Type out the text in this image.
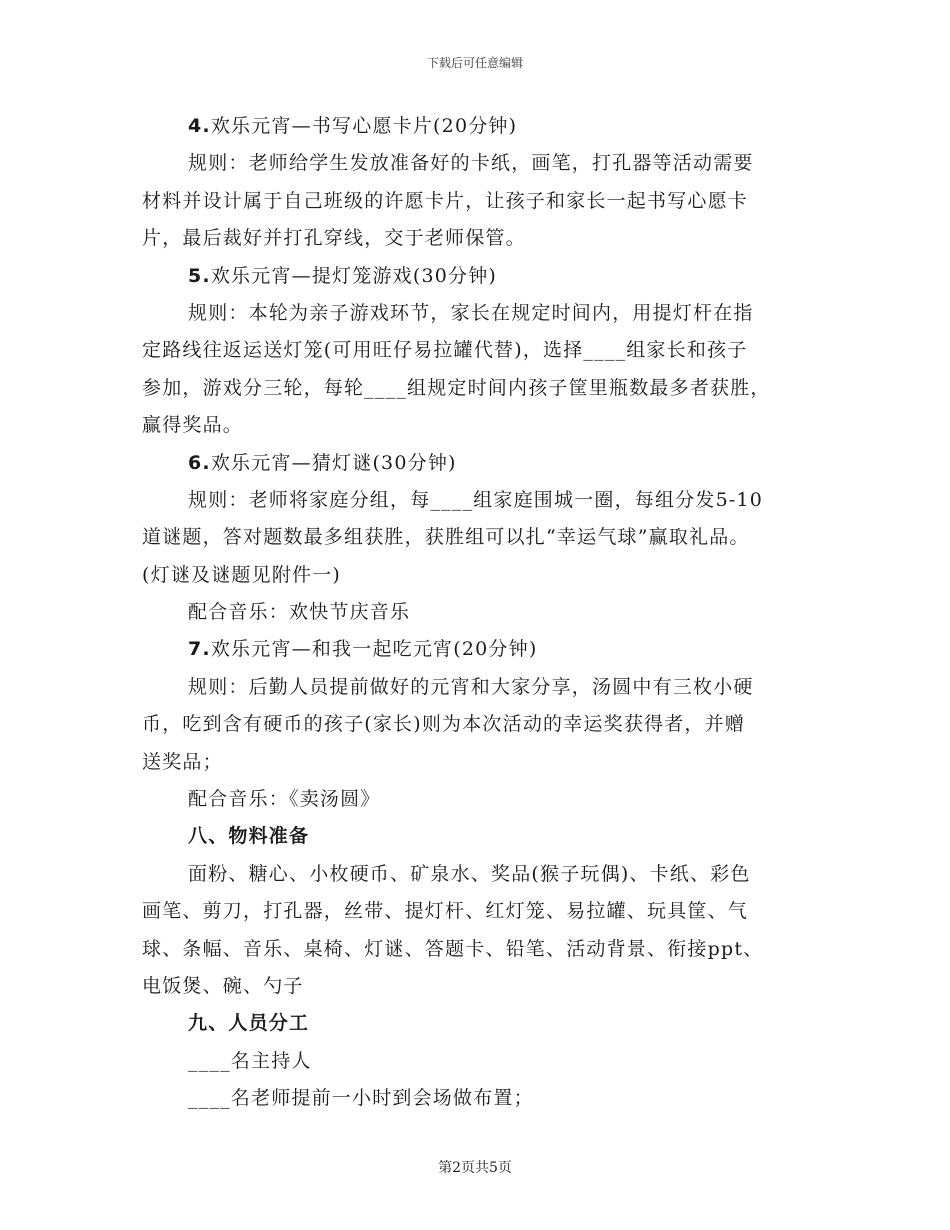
下载后可任意编辑
4.欢乐元宵—书写心愿卡片(20分钟)
规则：老师给学生发放准备好的卡纸，画笔，打孔器等活动需要
材料并设计属于自己班级的许愿卡片，让孩子和家长一起书写心愿卡
片，最后裁好并打孔穿线，交于老师保管。
5.欢乐元宵—提灯笼游戏(30分钟)
规则：本轮为亲子游戏环节，家长在规定时间内，用提灯杆在指
定路线往返运送灯笼(可用旺仔易拉罐代替)，选择____组家长和孩子
参加，游戏分三轮，每轮____组规定时间内孩子筐里瓶数最多者获胜，
赢得奖品。
6.欢乐元宵—猜灯谜(30分钟)
规则：老师将家庭分组，每____组家庭围城一圈，每组分发5-10
道谜题，答对题数最多组获胜，获胜组可以扎“幸运气球”赢取礼品。
(灯谜及谜题见附件一)
配合音乐：欢快节庆音乐
7.欢乐元宵—和我一起吃元宵(20分钟)
规则：后勤人员提前做好的元宵和大家分享，汤圆中有三枚小硬
币，吃到含有硬币的孩子(家长)则为本次活动的幸运奖获得者，并赠
送奖品；
配合音乐：《卖汤圆》
八、物料准备
面粉、糖心、小枚硬币、矿泉水、奖品(猴子玩偶)、卡纸、彩色
画笔、剪刀，打孔器，丝带、提灯杆、红灯笼、易拉罐、玩具筐、气
球、条幅、音乐、桌椅、灯谜、答题卡、铅笔、活动背景、衔接ppt、
电饭煲、碗、勺子
九、人员分工
____名主持人
____名老师提前一小时到会场做布置；
第2页共5页
